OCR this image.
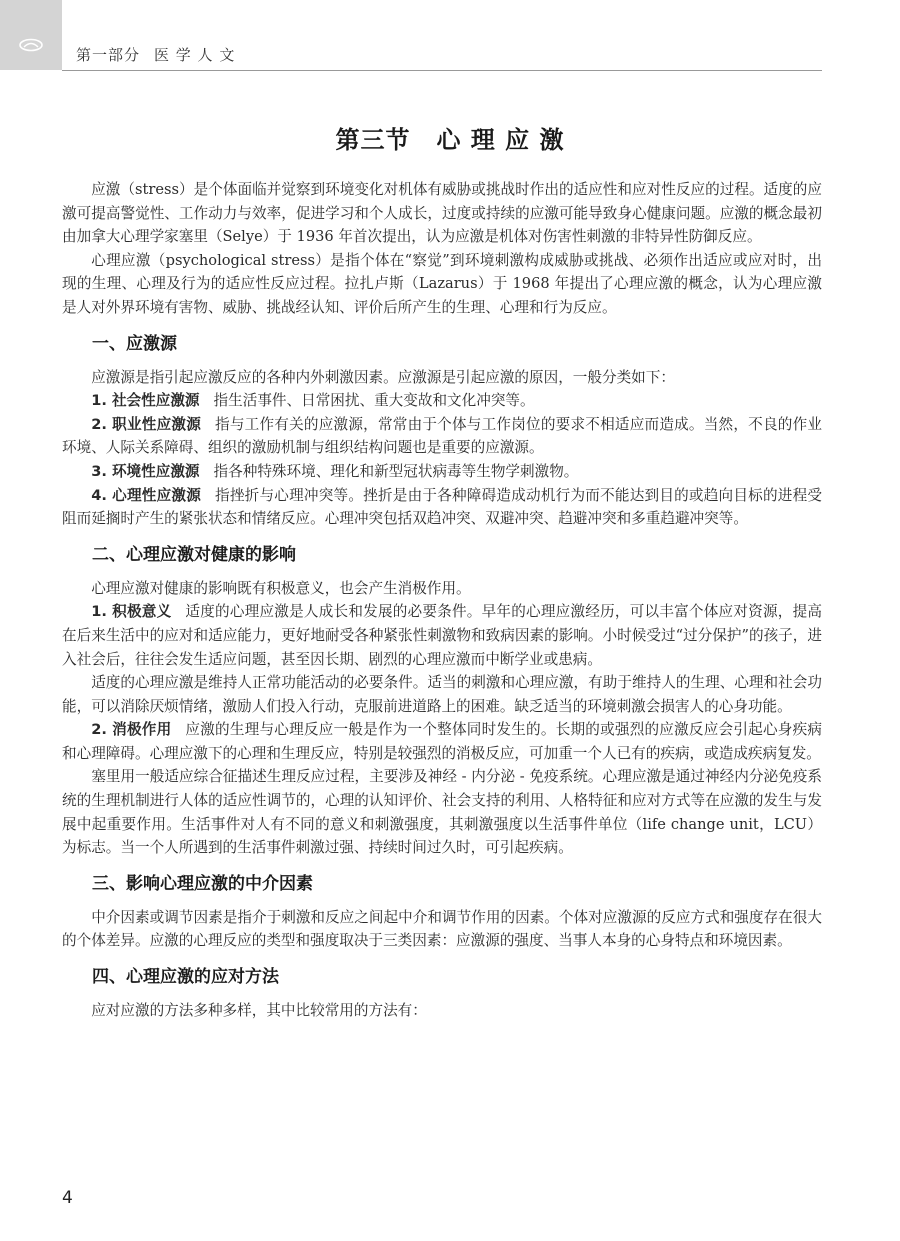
第一部分 医 学 人 文
第三节 心 理 应 激

应激（stress）是个体面临并觉察到环境变化对机体有威胁或挑战时作出的适应性和应对性反应的过程。适度的应激可提高警觉性、工作动力与效率，促进学习和个人成长，过度或持续的应激可能导致身心健康问题。应激的概念最初由加拿大心理学家塞里（Selye）于 1936 年首次提出，认为应激是机体对伤害性刺激的非特异性防御反应。

心理应激（psychological stress）是指个体在“察觉”到环境刺激构成威胁或挑战、必须作出适应或应对时，出现的生理、心理及行为的适应性反应过程。拉扎卢斯（Lazarus）于 1968 年提出了心理应激的概念，认为心理应激是人对外界环境有害物、威胁、挑战经认知、评价后所产生的生理、心理和行为反应。

一、应激源

应激源是指引起应激反应的各种内外刺激因素。应激源是引起应激的原因，一般分类如下：

1. 社会性应激源 指生活事件、日常困扰、重大变故和文化冲突等。

2. 职业性应激源 指与工作有关的应激源，常常由于个体与工作岗位的要求不相适应而造成。当然，不良的作业环境、人际关系障碍、组织的激励机制与组织结构问题也是重要的应激源。

3. 环境性应激源 指各种特殊环境、理化和新型冠状病毒等生物学刺激物。

4. 心理性应激源 指挫折与心理冲突等。挫折是由于各种障碍造成动机行为而不能达到目的或趋向目标的进程受阻而延搁时产生的紧张状态和情绪反应。心理冲突包括双趋冲突、双避冲突、趋避冲突和多重趋避冲突等。

二、心理应激对健康的影响

心理应激对健康的影响既有积极意义，也会产生消极作用。

1. 积极意义 适度的心理应激是人成长和发展的必要条件。早年的心理应激经历，可以丰富个体应对资源，提高在后来生活中的应对和适应能力，更好地耐受各种紧张性刺激物和致病因素的影响。小时候受过“过分保护”的孩子，进入社会后，往往会发生适应问题，甚至因长期、剧烈的心理应激而中断学业或患病。

适度的心理应激是维持人正常功能活动的必要条件。适当的刺激和心理应激，有助于维持人的生理、心理和社会功能，可以消除厌烦情绪，激励人们投入行动，克服前进道路上的困难。缺乏适当的环境刺激会损害人的心身功能。

2. 消极作用 应激的生理与心理反应一般是作为一个整体同时发生的。长期的或强烈的应激反应会引起心身疾病和心理障碍。心理应激下的心理和生理反应，特别是较强烈的消极反应，可加重一个人已有的疾病，或造成疾病复发。

塞里用一般适应综合征描述生理反应过程，主要涉及神经 - 内分泌 - 免疫系统。心理应激是通过神经内分泌免疫系统的生理机制进行人体的适应性调节的，心理的认知评价、社会支持的利用、人格特征和应对方式等在应激的发生与发展中起重要作用。生活事件对人有不同的意义和刺激强度，其刺激强度以生活事件单位（life change unit，LCU）为标志。当一个人所遇到的生活事件刺激过强、持续时间过久时，可引起疾病。

三、影响心理应激的中介因素

中介因素或调节因素是指介于刺激和反应之间起中介和调节作用的因素。个体对应激源的反应方式和强度存在很大的个体差异。应激的心理反应的类型和强度取决于三类因素：应激源的强度、当事人本身的心身特点和环境因素。

四、心理应激的应对方法

应对应激的方法多种多样，其中比较常用的方法有：

4
